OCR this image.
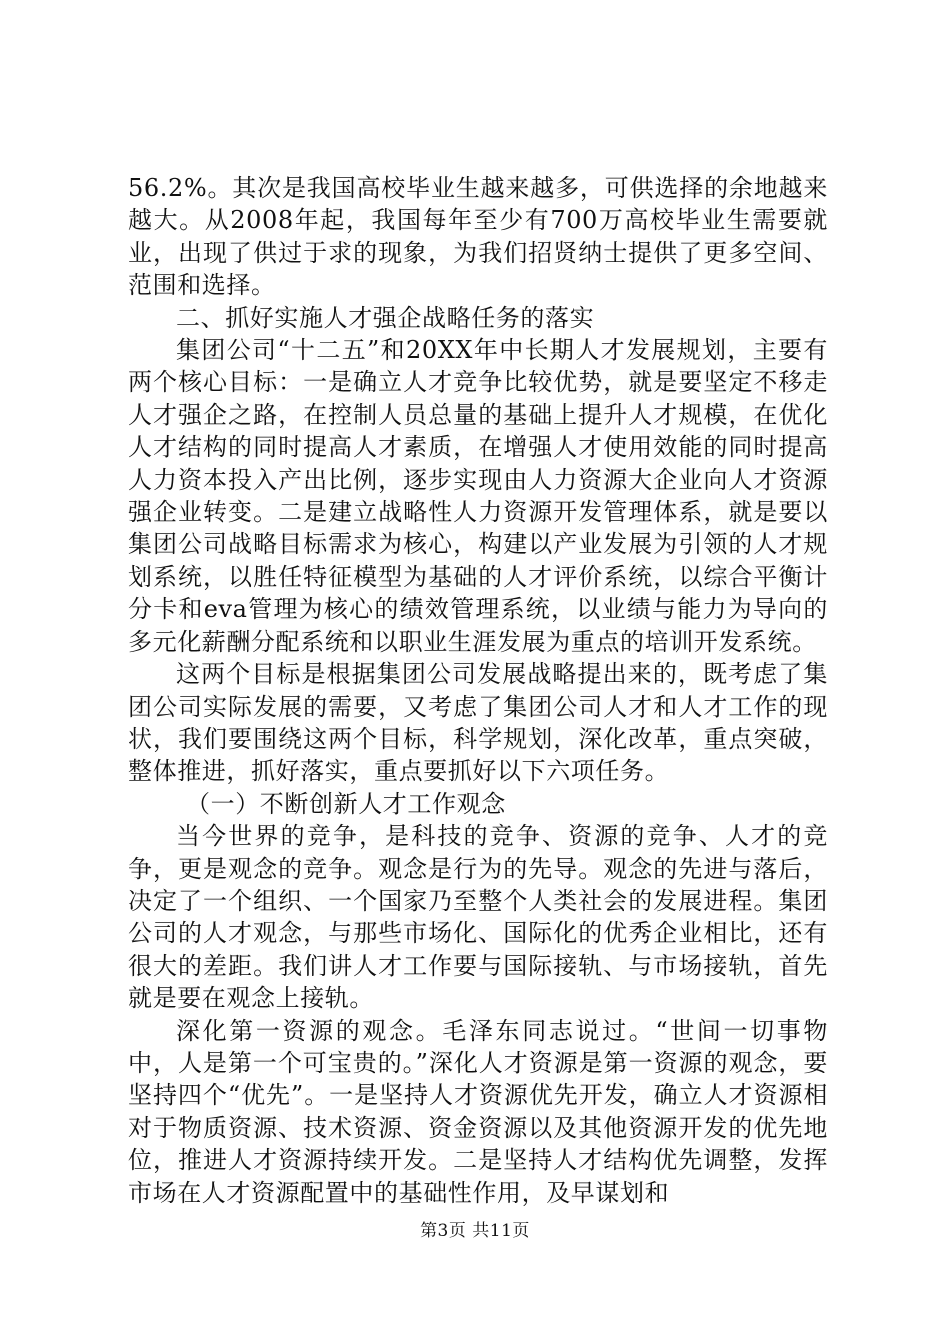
56.2%。其次是我国高校毕业生越来越多，可供选择的余地越来越大。从2008年起，我国每年至少有700万高校毕业生需要就业，出现了供过于求的现象，为我们招贤纳士提供了更多空间、范围和选择。

二、抓好实施人才强企战略任务的落实

集团公司“十二五”和20XX年中长期人才发展规划，主要有两个核心目标：一是确立人才竞争比较优势，就是要坚定不移走人才强企之路，在控制人员总量的基础上提升人才规模，在优化人才结构的同时提高人才素质，在增强人才使用效能的同时提高人力资本投入产出比例，逐步实现由人力资源大企业向人才资源强企业转变。二是建立战略性人力资源开发管理体系，就是要以集团公司战略目标需求为核心，构建以产业发展为引领的人才规划系统，以胜任特征模型为基础的人才评价系统，以综合平衡计分卡和eva管理为核心的绩效管理系统，以业绩与能力为导向的多元化薪酬分配系统和以职业生涯发展为重点的培训开发系统。

这两个目标是根据集团公司发展战略提出来的，既考虑了集团公司实际发展的需要，又考虑了集团公司人才和人才工作的现状，我们要围绕这两个目标，科学规划，深化改革，重点突破，整体推进，抓好落实，重点要抓好以下六项任务。

（一）不断创新人才工作观念

当今世界的竞争，是科技的竞争、资源的竞争、人才的竞争，更是观念的竞争。观念是行为的先导。观念的先进与落后，决定了一个组织、一个国家乃至整个人类社会的发展进程。集团公司的人才观念，与那些市场化、国际化的优秀企业相比，还有很大的差距。我们讲人才工作要与国际接轨、与市场接轨，首先就是要在观念上接轨。

深化第一资源的观念。毛泽东同志说过。“世间一切事物中，人是第一个可宝贵的。”深化人才资源是第一资源的观念，要坚持四个“优先”。一是坚持人才资源优先开发，确立人才资源相对于物质资源、技术资源、资金资源以及其他资源开发的优先地位，推进人才资源持续开发。二是坚持人才结构优先调整，发挥市场在人才资源配置中的基础性作用，及早谋划和

第3页 共11页
